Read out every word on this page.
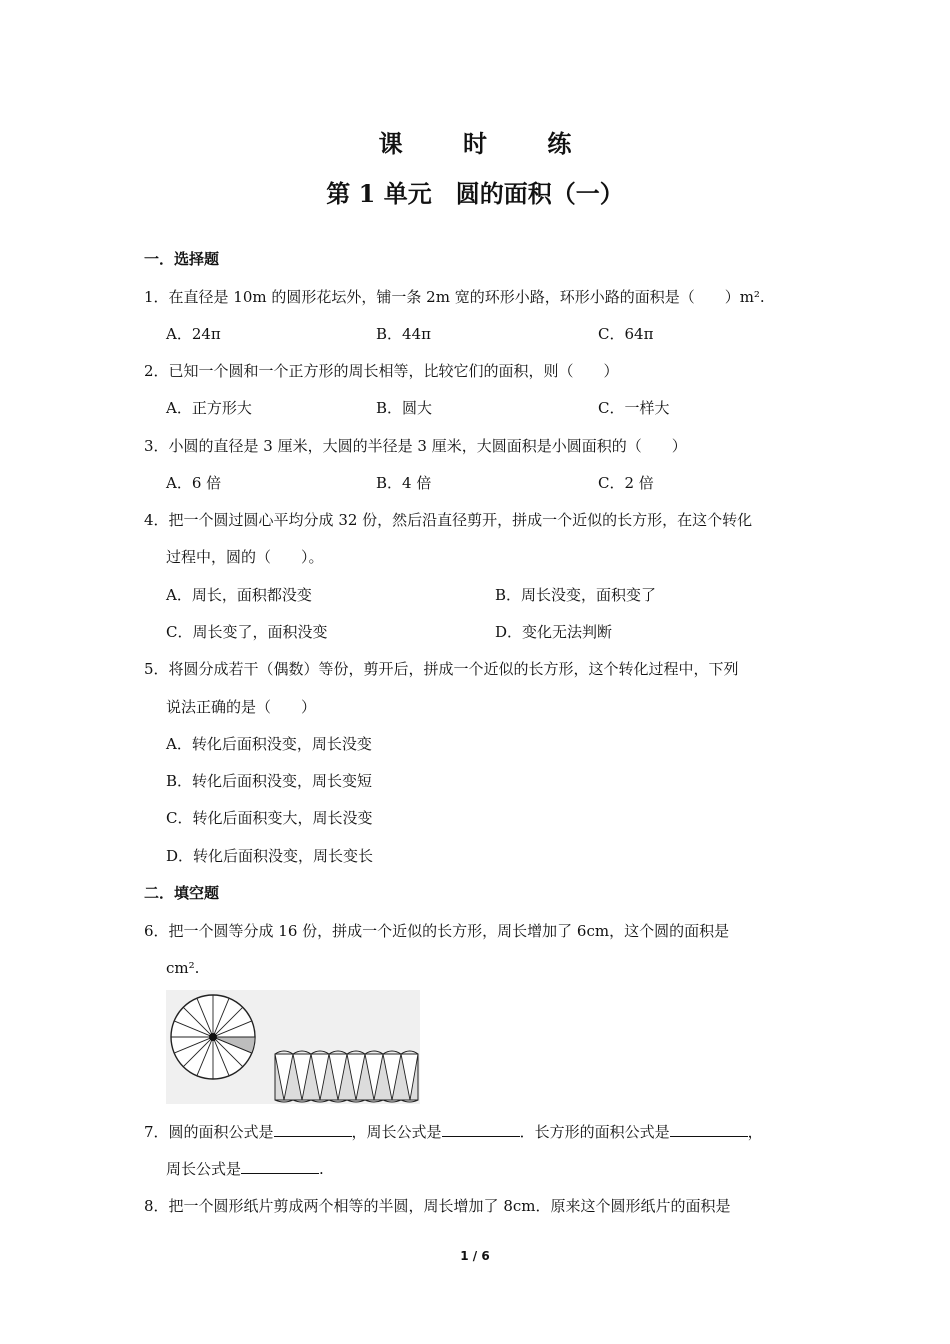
课 时 练
第 1 单元　圆的面积（一）
一．选择题
1．在直径是 10m 的圆形花坛外，铺一条 2m 宽的环形小路，环形小路的面积是（　　）m².
A．24π	B．44π	C．64π
2．已知一个圆和一个正方形的周长相等，比较它们的面积，则（　　）
A．正方形大	B．圆大	C．一样大
3．小圆的直径是 3 厘米，大圆的半径是 3 厘米，大圆面积是小圆面积的（　　）
A．6 倍	B．4 倍	C．2 倍
4．把一个圆过圆心平均分成 32 份，然后沿直径剪开，拼成一个近似的长方形，在这个转化
过程中，圆的（　　）。
A．周长，面积都没变	B．周长没变，面积变了
C．周长变了，面积没变	D．变化无法判断
5．将圆分成若干（偶数）等份，剪开后，拼成一个近似的长方形，这个转化过程中，下列
说法正确的是（　　）
A．转化后面积没变，周长没变
B．转化后面积没变，周长变短
C．转化后面积变大，周长没变
D．转化后面积没变，周长变长
二．填空题
6．把一个圆等分成 16 份，拼成一个近似的长方形，周长增加了 6cm，这个圆的面积是
cm².
7．圆的面积公式是	，周长公式是	．长方形的面积公式是	，
周长公式是	.
8．把一个圆形纸片剪成两个相等的半圆，周长增加了 8cm．原来这个圆形纸片的面积是
1 / 6
